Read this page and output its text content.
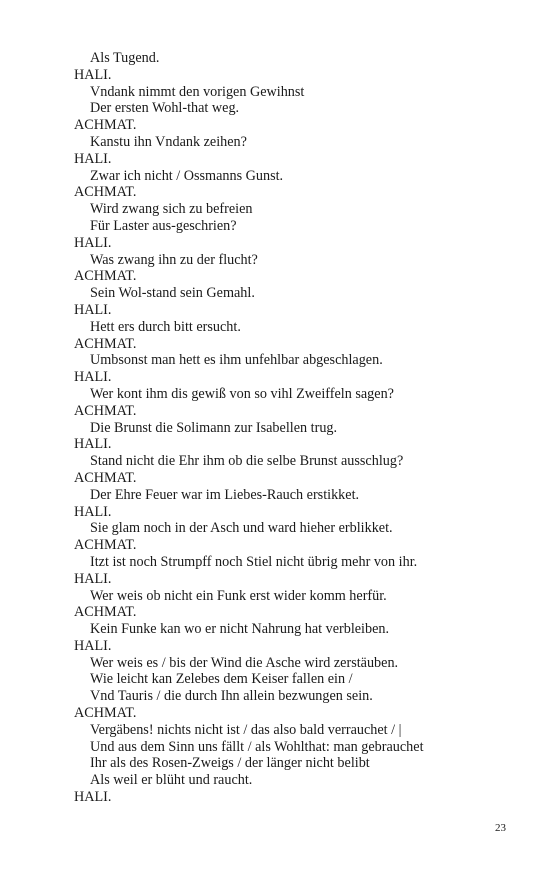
Als Tugend.
HALI.
Vndank nimmt den vorigen Gewihnst
Der ersten Wohl-that weg.
ACHMAT.
Kanstu ihn Vndank zeihen?
HALI.
Zwar ich nicht / Ossmanns Gunst.
ACHMAT.
Wird zwang sich zu befreien
Für Laster aus-geschrien?
HALI.
Was zwang ihn zu der flucht?
ACHMAT.
Sein Wol-stand sein Gemahl.
HALI.
Hett ers durch bitt ersucht.
ACHMAT.
Umbsonst man hett es ihm unfehlbar abgeschlagen.
HALI.
Wer kont ihm dis gewiß von so vihl Zweiffeln sagen?
ACHMAT.
Die Brunst die Solimann zur Isabellen trug.
HALI.
Stand nicht die Ehr ihm ob die selbe Brunst ausschlug?
ACHMAT.
Der Ehre Feuer war im Liebes-Rauch erstikket.
HALI.
Sie glam noch in der Asch und ward hieher erblikket.
ACHMAT.
Itzt ist noch Strumpff noch Stiel nicht übrig mehr von ihr.
HALI.
Wer weis ob nicht ein Funk erst wider komm herfür.
ACHMAT.
Kein Funke kan wo er nicht Nahrung hat verbleiben.
HALI.
Wer weis es / bis der Wind die Asche wird zerstäuben.
Wie leicht kan Zelebes dem Keiser fallen ein /
Vnd Tauris / die durch Ihn allein bezwungen sein.
ACHMAT.
Vergäbens! nichts nicht ist / das also bald verrauchet / |
Und aus dem Sinn uns fällt / als Wohlthat: man gebrauchet
Ihr als des Rosen-Zweigs / der länger nicht belibt
Als weil er blüht und raucht.
HALI.
23
